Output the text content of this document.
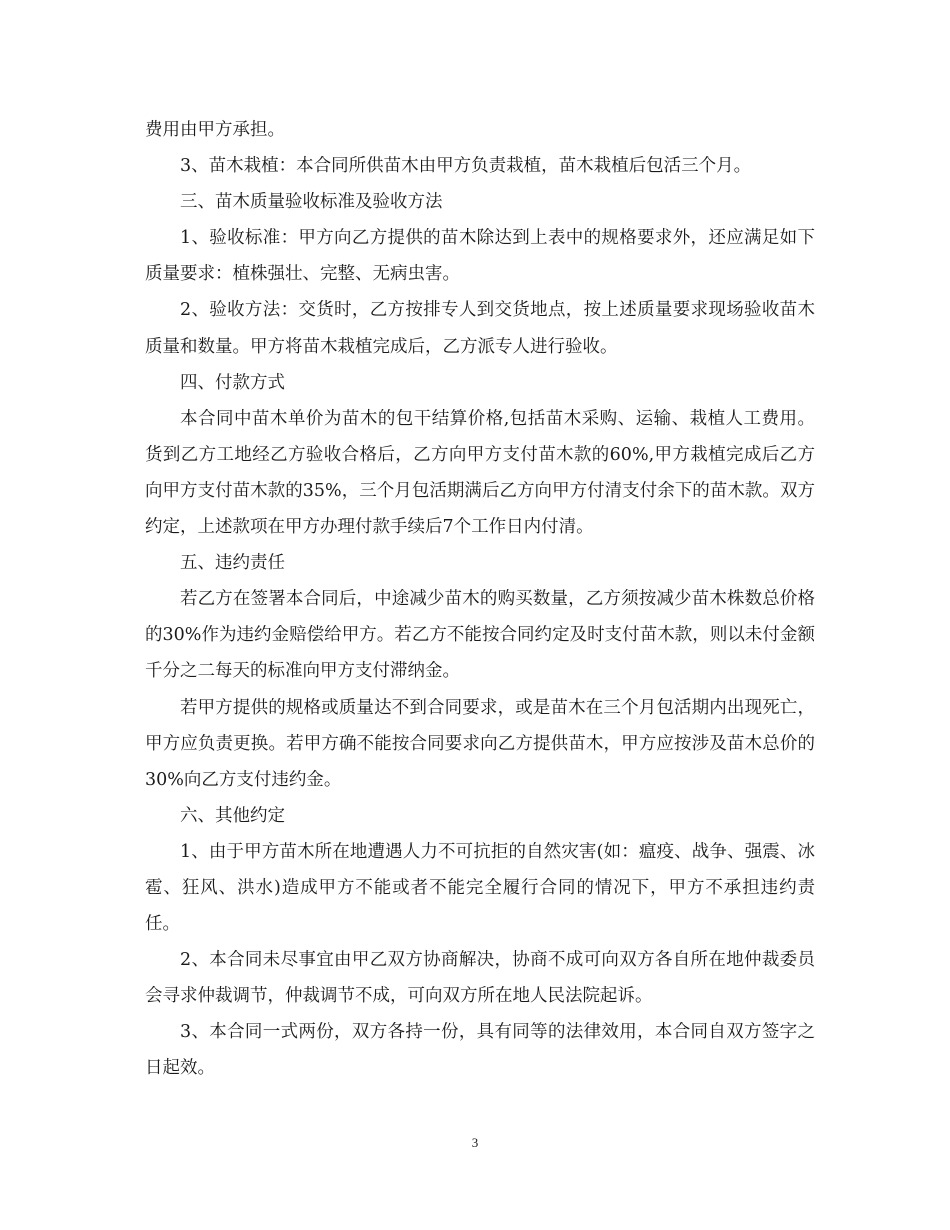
费用由甲方承担。

3、苗木栽植：本合同所供苗木由甲方负责栽植，苗木栽植后包活三个月。

三、苗木质量验收标准及验收方法

1、验收标准：甲方向乙方提供的苗木除达到上表中的规格要求外，还应满足如下质量要求：植株强壮、完整、无病虫害。

2、验收方法：交货时，乙方按排专人到交货地点，按上述质量要求现场验收苗木质量和数量。甲方将苗木栽植完成后，乙方派专人进行验收。

四、付款方式

本合同中苗木单价为苗木的包干结算价格,包括苗木采购、运输、栽植人工费用。货到乙方工地经乙方验收合格后，乙方向甲方支付苗木款的60%,甲方栽植完成后乙方向甲方支付苗木款的35%，三个月包活期满后乙方向甲方付清支付余下的苗木款。双方约定，上述款项在甲方办理付款手续后7个工作日内付清。

五、违约责任

若乙方在签署本合同后，中途减少苗木的购买数量，乙方须按减少苗木株数总价格的30%作为违约金赔偿给甲方。若乙方不能按合同约定及时支付苗木款，则以未付金额千分之二每天的标准向甲方支付滞纳金。

若甲方提供的规格或质量达不到合同要求，或是苗木在三个月包活期内出现死亡，甲方应负责更换。若甲方确不能按合同要求向乙方提供苗木，甲方应按涉及苗木总价的30%向乙方支付违约金。

六、其他约定

1、由于甲方苗木所在地遭遇人力不可抗拒的自然灾害(如：瘟疫、战争、强震、冰雹、狂风、洪水)造成甲方不能或者不能完全履行合同的情况下，甲方不承担违约责任。

2、本合同未尽事宜由甲乙双方协商解决，协商不成可向双方各自所在地仲裁委员会寻求仲裁调节，仲裁调节不成，可向双方所在地人民法院起诉。

3、本合同一式两份，双方各持一份，具有同等的法律效用，本合同自双方签字之日起效。

3
